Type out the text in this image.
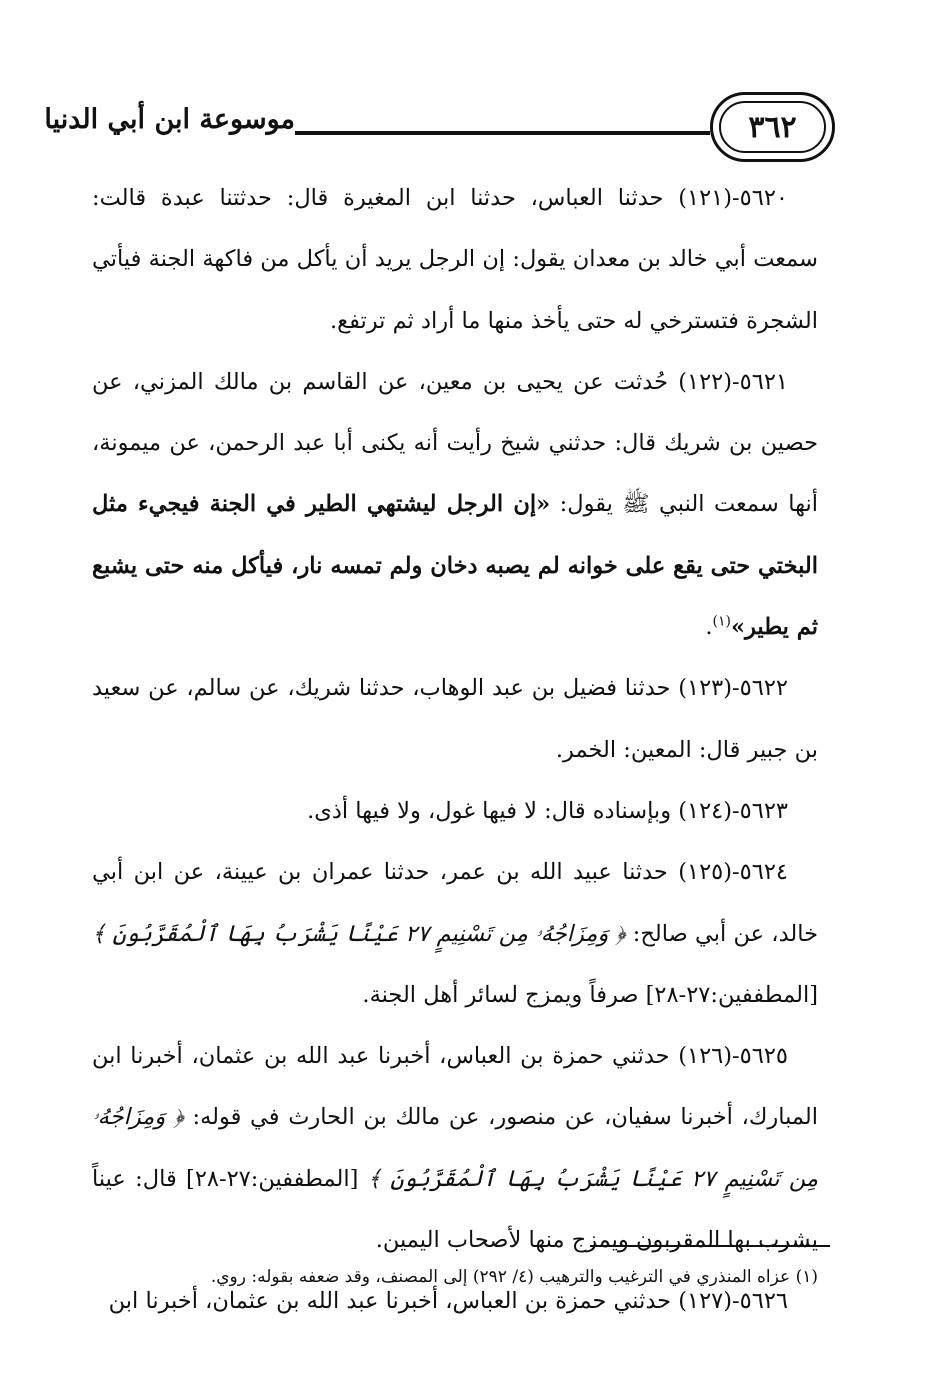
٣٦٢
موسوعة ابن أبي الدنيا

٥٦٢٠-(١٢١) حدثنا العباس، حدثنا ابن المغيرة قال: حدثتنا عبدة قالت: سمعت أبي خالد بن معدان يقول: إن الرجل يريد أن يأكل من فاكهة الجنة فيأتي الشجرة فتسترخي له حتى يأخذ منها ما أراد ثم ترتفع.

٥٦٢١-(١٢٢) حُدثت عن يحيى بن معين، عن القاسم بن مالك المزني، عن حصين بن شريك قال: حدثني شيخ رأيت أنه يكنى أبا عبد الرحمن، عن ميمونة، أنها سمعت النبي ﷺ يقول: «إن الرجل ليشتهي الطير في الجنة فيجيء مثل البختي حتى يقع على خوانه لم يصبه دخان ولم تمسه نار، فيأكل منه حتى يشبع ثم يطير»$^{(١)}$.

٥٦٢٢-(١٢٣) حدثنا فضيل بن عبد الوهاب، حدثنا شريك، عن سالم، عن سعيد بن جبير قال: المعين: الخمر.

٥٦٢٣-(١٢٤) وبإسناده قال: لا فيها غول، ولا فيها أذى.

٥٦٢٤-(١٢٥) حدثنا عبيد الله بن عمر، حدثنا عمران بن عيينة، عن ابن أبي خالد، عن أبي صالح: ﴿ وَمِزَاجُهُۥ مِن تَسْنِيمٍ ٢٧ عَيْنًا يَشْرَبُ بِهَا ٱلْمُقَرَّبُونَ ﴾ [المطففين:٢٧-٢٨] صرفاً ويمزج لسائر أهل الجنة.

٥٦٢٥-(١٢٦) حدثني حمزة بن العباس، أخبرنا عبد الله بن عثمان، أخبرنا ابن المبارك، أخبرنا سفيان، عن منصور، عن مالك بن الحارث في قوله: ﴿ وَمِزَاجُهُۥ مِن تَسْنِيمٍ ٢٧ عَيْنًا يَشْرَبُ بِهَا ٱلْمُقَرَّبُونَ ﴾ [المطففين:٢٧-٢٨] قال: عيناً يشرب بها المقربون ويمزج منها لأصحاب اليمين.

٥٦٢٦-(١٢٧) حدثني حمزة بن العباس، أخبرنا عبد الله بن عثمان، أخبرنا ابن

(١) عزاه المنذري في الترغيب والترهيب (٤/ ٢٩٢) إلى المصنف، وقد ضعفه بقوله: روي.
